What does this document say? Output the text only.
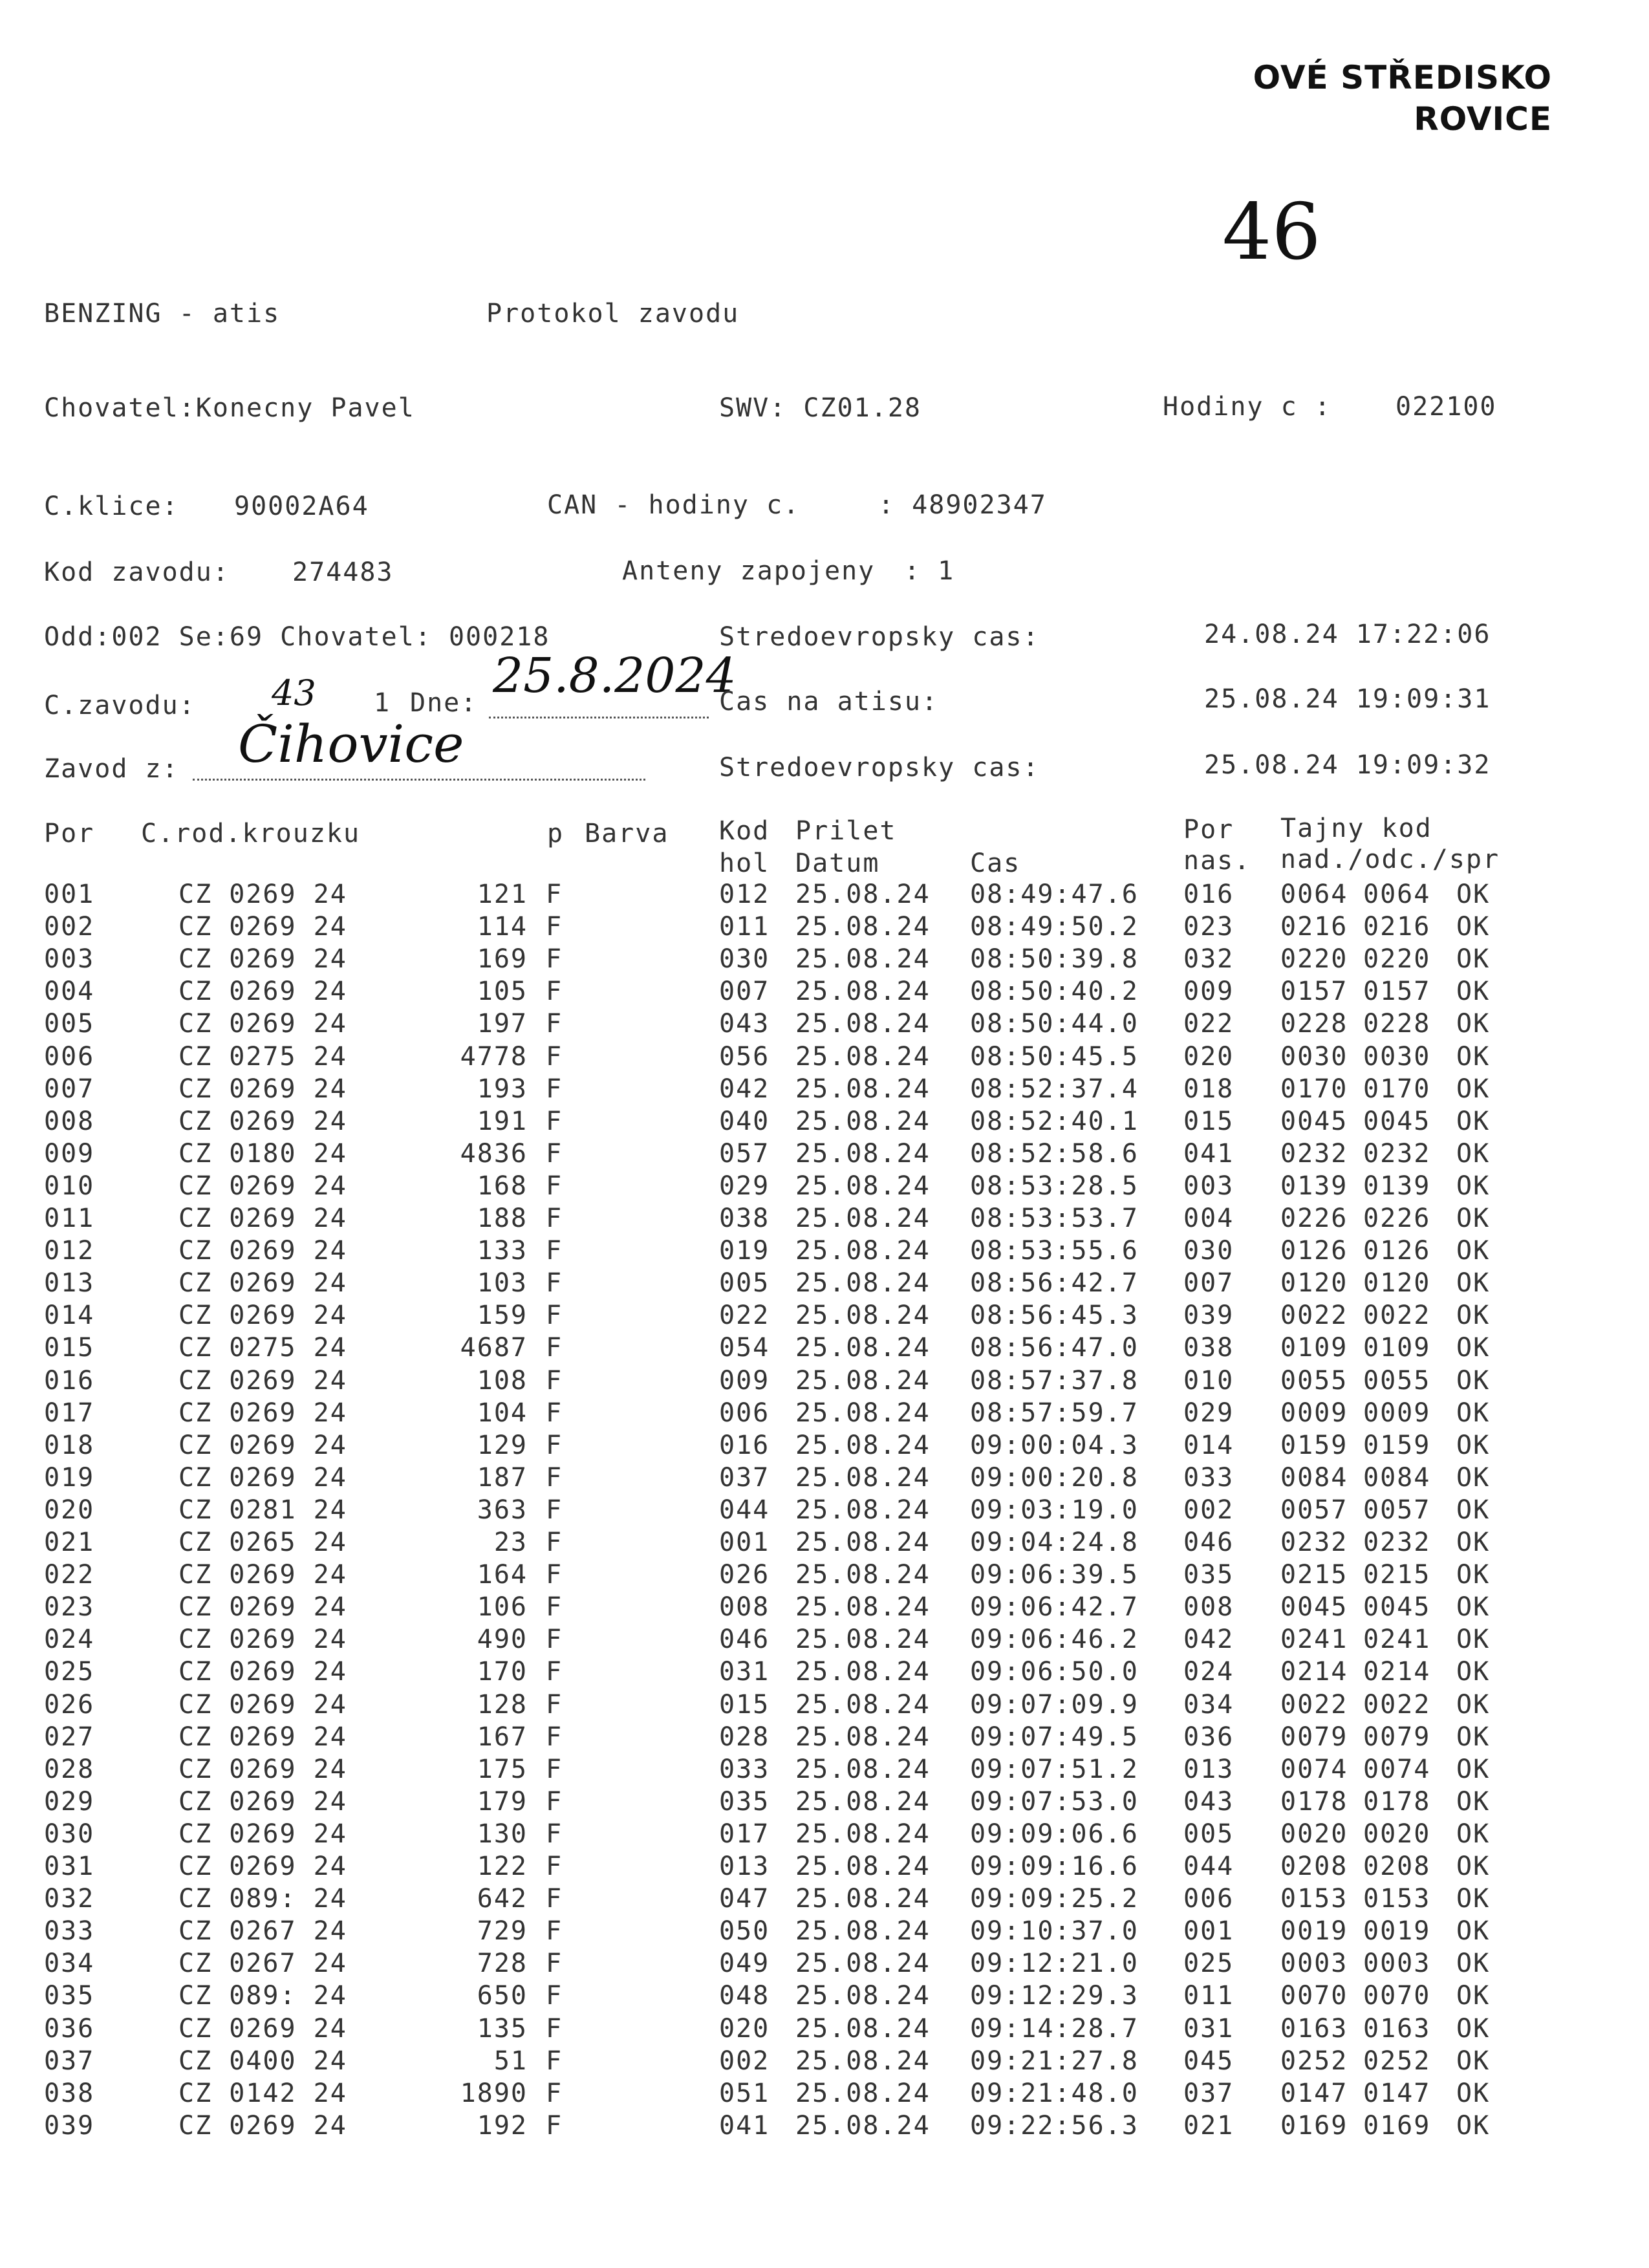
OVÉ STŘEDISKO
ROVICE
46
BENZING - atis	Protokol zavodu
Chovatel:Konecny Pavel	SWV: CZ01.28	Hodiny c : 022100
C.klice: 90002A64	CAN - hodiny c.	: 48902347
Kod zavodu: 274483	Anteny zapojeny : 1
Odd:002 Se:69 Chovatel: 000218	Stredoevropsky cas:	24.08.24 17:22:06
C.zavodu: 43 1 Dne: 25.8.2024
Cas na atisu:	25.08.24 19:09:31
Zavod z: Čihovice	Stredoevropsky cas:	25.08.24 19:09:32
Por C.rod.krouzku	p Barva Kod Prilet	Por Tajny kod
hol Datum	Cas	nas. nad./odc./spr
001	CZ 0269 24	121 F	012 25.08.24 08:49:47.6 016 0064 0064 OK
002	CZ 0269 24	114 F	011 25.08.24 08:49:50.2 023 0216 0216 OK
003	CZ 0269 24	169 F	030 25.08.24 08:50:39.8 032 0220 0220 OK
004	CZ 0269 24	105 F	007 25.08.24 08:50:40.2 009 0157 0157 OK
005	CZ 0269 24	197 F	043 25.08.24 08:50:44.0 022 0228 0228 OK
006	CZ 0275 24	4778 F	056 25.08.24 08:50:45.5 020 0030 0030 OK
007	CZ 0269 24	193 F	042 25.08.24 08:52:37.4 018 0170 0170 OK
008	CZ 0269 24	191 F	040 25.08.24 08:52:40.1 015 0045 0045 OK
009	CZ 0180 24	4836 F	057 25.08.24 08:52:58.6 041 0232 0232 OK
010	CZ 0269 24	168 F	029 25.08.24 08:53:28.5 003 0139 0139 OK
011	CZ 0269 24	188 F	038 25.08.24 08:53:53.7 004 0226 0226 OK
012	CZ 0269 24	133 F	019 25.08.24 08:53:55.6 030 0126 0126 OK
013	CZ 0269 24	103 F	005 25.08.24 08:56:42.7 007 0120 0120 OK
014	CZ 0269 24	159 F	022 25.08.24 08:56:45.3 039 0022 0022 OK
015	CZ 0275 24	4687 F	054 25.08.24 08:56:47.0 038 0109 0109 OK
016	CZ 0269 24	108 F	009 25.08.24 08:57:37.8 010 0055 0055 OK
017	CZ 0269 24	104 F	006 25.08.24 08:57:59.7 029 0009 0009 OK
018	CZ 0269 24	129 F	016 25.08.24 09:00:04.3 014 0159 0159 OK
019	CZ 0269 24	187 F	037 25.08.24 09:00:20.8 033 0084 0084 OK
020	CZ 0281 24	363 F	044 25.08.24 09:03:19.0 002 0057 0057 OK
021	CZ 0265 24	23 F	001 25.08.24 09:04:24.8 046 0232 0232 OK
022	CZ 0269 24	164 F	026 25.08.24 09:06:39.5 035 0215 0215 OK
023	CZ 0269 24	106 F	008 25.08.24 09:06:42.7 008 0045 0045 OK
024	CZ 0269 24	490 F	046 25.08.24 09:06:46.2 042 0241 0241 OK
025	CZ 0269 24	170 F	031 25.08.24 09:06:50.0 024 0214 0214 OK
026	CZ 0269 24	128 F	015 25.08.24 09:07:09.9 034 0022 0022 OK
027	CZ 0269 24	167 F	028 25.08.24 09:07:49.5 036 0079 0079 OK
028	CZ 0269 24	175 F	033 25.08.24 09:07:51.2 013 0074 0074 OK
029	CZ 0269 24	179 F	035 25.08.24 09:07:53.0 043 0178 0178 OK
030	CZ 0269 24	130 F	017 25.08.24 09:09:06.6 005 0020 0020 OK
031	CZ 0269 24	122 F	013 25.08.24 09:09:16.6 044 0208 0208 OK
032	CZ 089: 24	642 F	047 25.08.24 09:09:25.2 006 0153 0153 OK
033	CZ 0267 24	729 F	050 25.08.24 09:10:37.0 001 0019 0019 OK
034	CZ 0267 24	728 F	049 25.08.24 09:12:21.0 025 0003 0003 OK
035	CZ 089: 24	650 F	048 25.08.24 09:12:29.3 011 0070 0070 OK
036	CZ 0269 24	135 F	020 25.08.24 09:14:28.7 031 0163 0163 OK
037	CZ 0400 24	51 F	002 25.08.24 09:21:27.8 045 0252 0252 OK
038	CZ 0142 24	1890 F	051 25.08.24 09:21:48.0 037 0147 0147 OK
039	CZ 0269 24	192 F	041 25.08.24 09:22:56.3 021 0169 0169 OK
